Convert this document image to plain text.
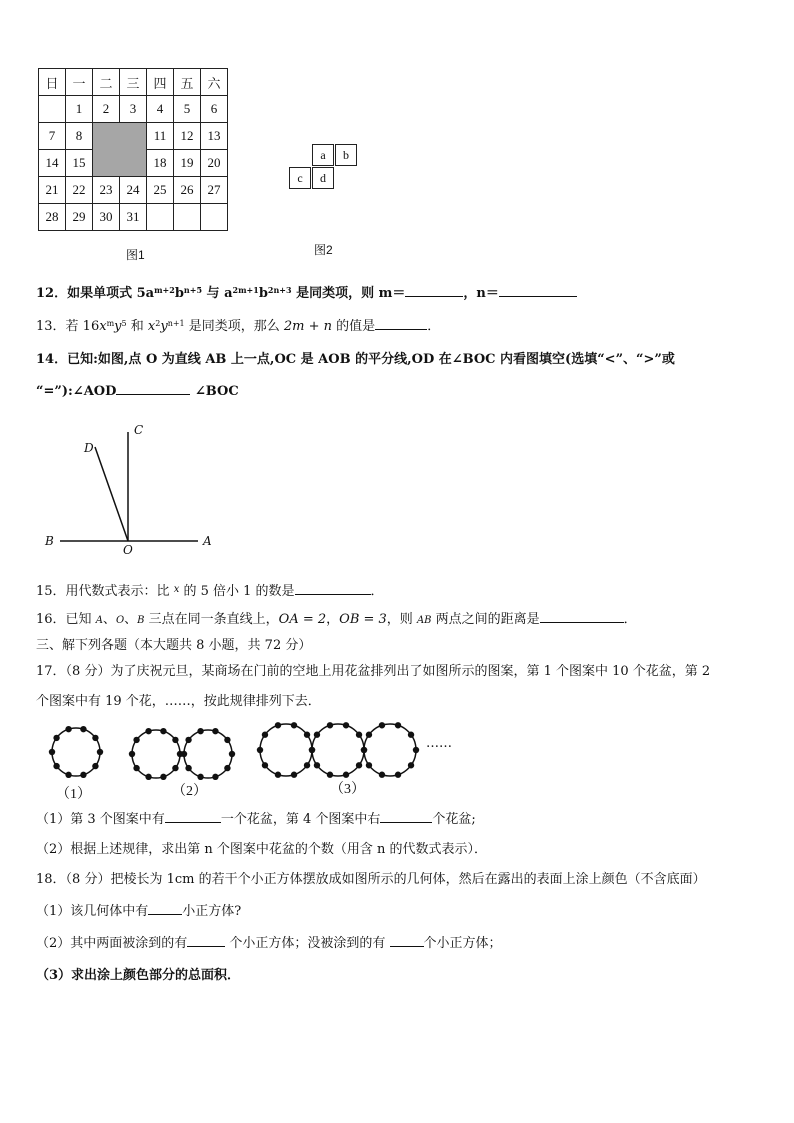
日	一	二	三	四	五	六
	1	2	3	4	5	6
7	8			11	12	13
14	15			18	19	20
21	22	23	24	25	26	27
28	29	30	31			
图1
a	b
c	d
图2
12．如果单项式 $5a^{m+2}b^{n+5}$ 与 $a^{2m+1}b^{2n+3}$ 是同类项，则 m＝	，n＝
13．若 $16x^my^5$ 和 $x^2y^{n+1}$ 是同类项，那么 2m + n 的值是	．
14．已知:如图,点 O 为直线 AB 上一点,OC 是 AOB 的平分线,OD 在∠BOC 内看图填空(选填“<”、“>”或
“=”):∠AOD	∠BOC
C
D
B
O
A
15．用代数式表示：比 $^x$ 的 5 倍小 1 的数是	．
16．已知 A、O、B 三点在同一条直线上，OA = 2，OB = 3，则 AB 两点之间的距离是	．
三、解下列各题（本大题共 8 小题，共 72 分）
17．（8 分）为了庆祝元旦，某商场在门前的空地上用花盆排列出了如图所示的图案，第 1 个图案中 10 个花盆，第 2
个图案中有 19 个花，……，按此规律排列下去．
（1）	（2）	（3）
……
（1）第 3 个图案中有	一个花盆，第 4 个图案中右	个花盆;
（2）根据上述规律，求出第 n 个图案中花盆的个数（用含 n 的代数式表示）．
18．（8 分）把棱长为 1cm 的若干个小正方体摆放成如图所示的几何体，然后在露出的表面上涂上颜色（不含底面）
（1）该几何体中有	小正方体?
（2）其中两面被涂到的有	个小正方体；没被涂到的有	个小正方体；
（3）求出涂上颜色部分的总面积．
